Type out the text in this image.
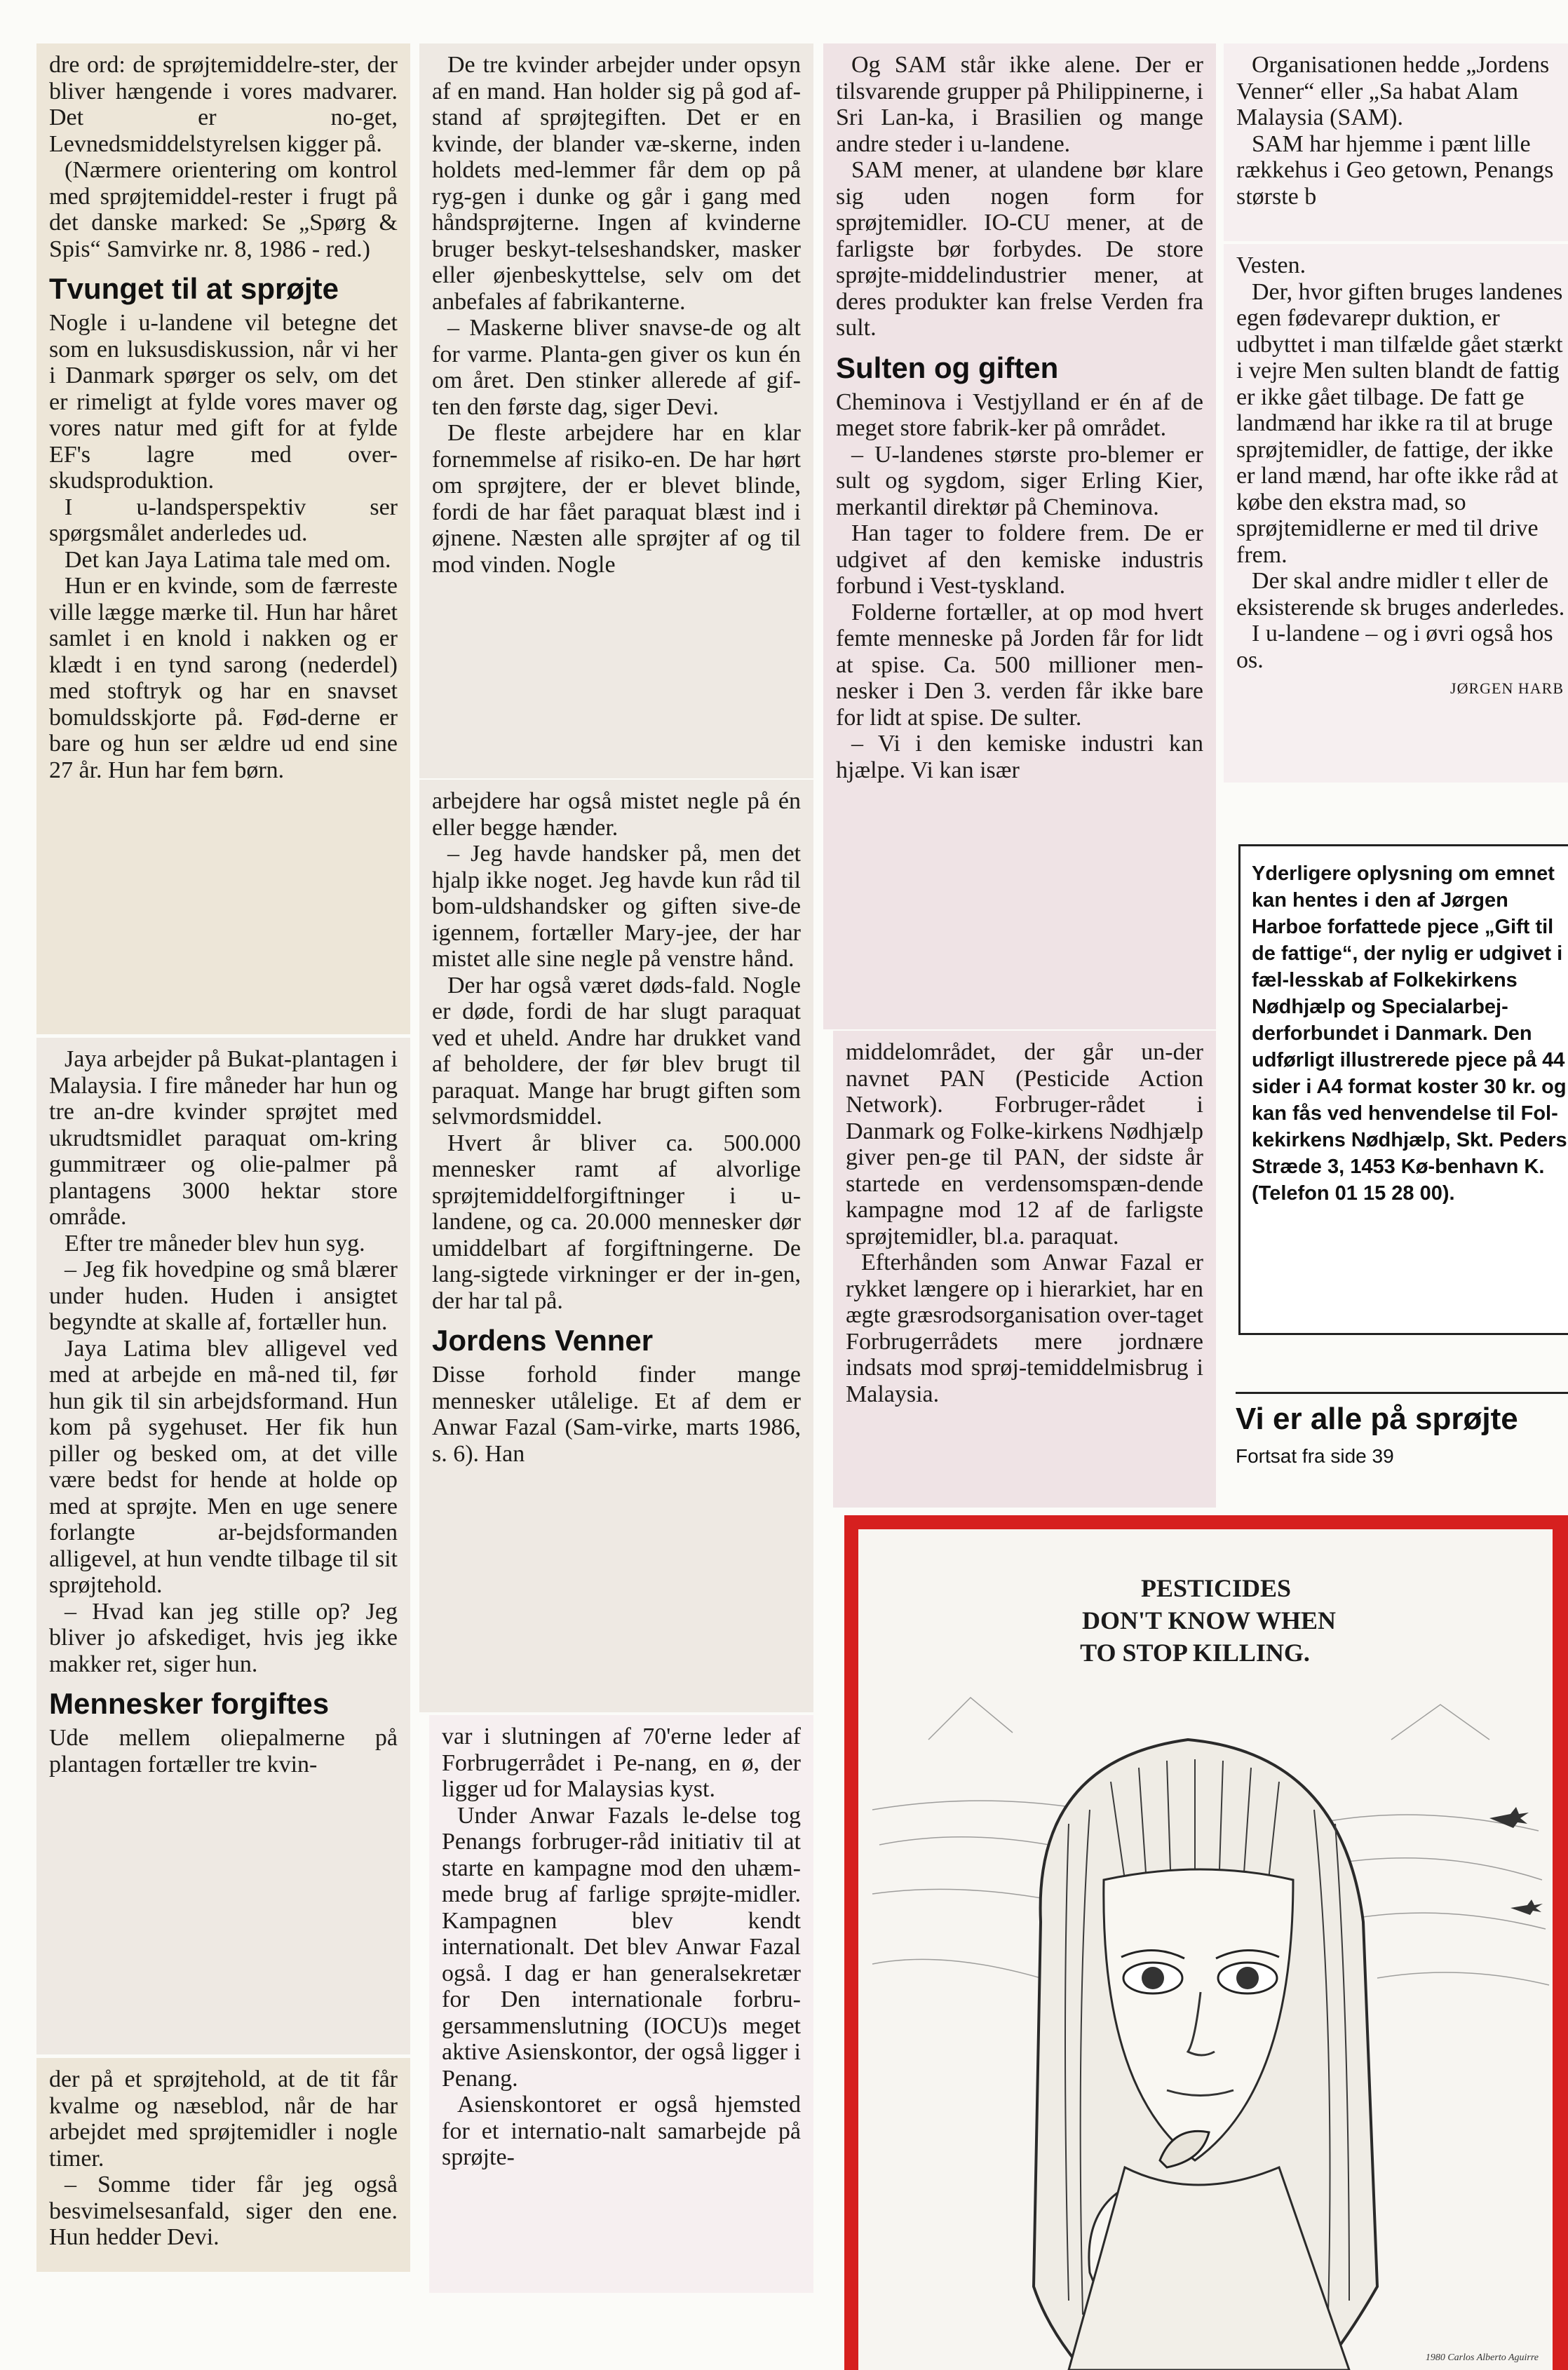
dre ord: de sprøjtemiddelre-ster, der bliver hængende i vores madvarer. Det er no-get, Levnedsmiddelstyrelsen kigger på.

(Nærmere orientering om kontrol med sprøjtemiddel-rester i frugt på det danske marked: Se „Spørg & Spis“ Samvirke nr. 8, 1986 - red.)

Tvunget til at sprøjte

Nogle i u-landene vil betegne det som en luksusdiskussion, når vi her i Danmark spørger os selv, om det er rimeligt at fylde vores maver og vores natur med gift for at fylde EF's lagre med over-skudsproduktion.

I u-landsperspektiv ser spørgsmålet anderledes ud.

Det kan Jaya Latima tale med om.

Hun er en kvinde, som de færreste ville lægge mærke til. Hun har håret samlet i en knold i nakken og er klædt i en tynd sarong (nederdel) med stoftryk og har en snavset bomuldsskjorte på. Fød-derne er bare og hun ser ældre ud end sine 27 år. Hun har fem børn.

Jaya arbejder på Bukat-plantagen i Malaysia. I fire måneder har hun og tre an-dre kvinder sprøjtet med ukrudtsmidlet paraquat om-kring gummitræer og olie-palmer på plantagens 3000 hektar store område.

Efter tre måneder blev hun syg.

– Jeg fik hovedpine og små blærer under huden. Huden i ansigtet begyndte at skalle af, fortæller hun.

Jaya Latima blev alligevel ved med at arbejde en må-ned til, før hun gik til sin arbejdsformand. Hun kom på sygehuset. Her fik hun piller og besked om, at det ville være bedst for hende at holde op med at sprøjte. Men en uge senere forlangte ar-bejdsformanden alligevel, at hun vendte tilbage til sit sprøjtehold.

– Hvad kan jeg stille op? Jeg bliver jo afskediget, hvis jeg ikke makker ret, siger hun.

Mennesker forgiftes

Ude mellem oliepalmerne på plantagen fortæller tre kvin-

der på et sprøjtehold, at de tit får kvalme og næseblod, når de har arbejdet med sprøjtemidler i nogle timer.

– Somme tider får jeg også besvimelsesanfald, siger den ene. Hun hedder Devi.

De tre kvinder arbejder under opsyn af en mand. Han holder sig på god af-stand af sprøjtegiften. Det er en kvinde, der blander væ-skerne, inden holdets med-lemmer får dem op på ryg-gen i dunke og går i gang med håndsprøjterne. Ingen af kvinderne bruger beskyt-telseshandsker, masker eller øjenbeskyttelse, selv om det anbefales af fabrikanterne.

– Maskerne bliver snavse-de og alt for varme. Planta-gen giver os kun én om året. Den stinker allerede af gif-ten den første dag, siger Devi.

De fleste arbejdere har en klar fornemmelse af risiko-en. De har hørt om sprøjtere, der er blevet blinde, fordi de har fået paraquat blæst ind i øjnene. Næsten alle sprøjter af og til mod vinden. Nogle

arbejdere har også mistet negle på én eller begge hænder.

– Jeg havde handsker på, men det hjalp ikke noget. Jeg havde kun råd til bom-uldshandsker og giften sive-de igennem, fortæller Mary-jee, der har mistet alle sine negle på venstre hånd.

Der har også været døds-fald. Nogle er døde, fordi de har slugt paraquat ved et uheld. Andre har drukket vand af beholdere, der før blev brugt til paraquat. Mange har brugt giften som selvmordsmiddel.

Hvert år bliver ca. 500.000 mennesker ramt af alvorlige sprøjtemiddelforgiftninger i u-landene, og ca. 20.000 mennesker dør umiddelbart af forgiftningerne. De lang-sigtede virkninger er der in-gen, der har tal på.

Jordens Venner

Disse forhold finder mange mennesker utålelige. Et af dem er Anwar Fazal (Sam-virke, marts 1986, s. 6). Han

var i slutningen af 70'erne leder af Forbrugerrådet i Pe-nang, en ø, der ligger ud for Malaysias kyst.

Under Anwar Fazals le-delse tog Penangs forbruger-råd initiativ til at starte en kampagne mod den uhæm-mede brug af farlige sprøjte-midler. Kampagnen blev kendt internationalt. Det blev Anwar Fazal også. I dag er han generalsekretær for Den internationale forbru-gersammenslutning (IOCU)s meget aktive Asienskontor, der også ligger i Penang.

Asienskontoret er også hjemsted for et internatio-nalt samarbejde på sprøjte-

Og SAM står ikke alene. Der er tilsvarende grupper på Philippinerne, i Sri Lan-ka, i Brasilien og mange andre steder i u-landene.

SAM mener, at ulandene bør klare sig uden nogen form for sprøjtemidler. IO-CU mener, at de farligste bør forbydes. De store sprøjte-middelindustrier mener, at deres produkter kan frelse Verden fra sult.

Sulten og giften

Cheminova i Vestjylland er én af de meget store fabrik-ker på området.

– U-landenes største pro-blemer er sult og sygdom, siger Erling Kier, merkantil direktør på Cheminova.

Han tager to foldere frem. De er udgivet af den kemiske industris forbund i Vest-tyskland.

Folderne fortæller, at op mod hvert femte menneske på Jorden får for lidt at spise. Ca. 500 millioner men-nesker i Den 3. verden får ikke bare for lidt at spise. De sulter.

– Vi i den kemiske industri kan hjælpe. Vi kan især

middelområdet, der går un-der navnet PAN (Pesticide Action Network). Forbruger-rådet i Danmark og Folke-kirkens Nødhjælp giver pen-ge til PAN, der sidste år startede en verdensomspæn-dende kampagne mod 12 af de farligste sprøjtemidler, bl.a. paraquat.

Efterhånden som Anwar Fazal er rykket længere op i hierarkiet, har en ægte græsrodsorganisation over-taget Forbrugerrådets mere jordnære indsats mod sprøj-temiddelmisbrug i Malaysia.

Organisationen hedde „Jordens Venner“ eller „Sa habat Alam Malaysia (SAM).

SAM har hjemme i pænt lille rækkehus i Geo getown, Penangs største b

Vesten.

Der, hvor giften bruges landenes egen fødevarepr duktion, er udbyttet i man tilfælde gået stærkt i vejre Men sulten blandt de fattig er ikke gået tilbage. De fatt ge landmænd har ikke ra til at bruge sprøjtemidler, de fattige, der ikke er land mænd, har ofte ikke råd at købe den ekstra mad, so sprøjtemidlerne er med til drive frem.

Der skal andre midler t eller de eksisterende sk bruges anderledes.

I u-landene – og i øvri også hos os.

JØRGEN HARB

Yderligere oplysning om emnet kan hentes i den af Jørgen Harboe forfattede pjece „Gift til de fattige“, der nylig er udgivet i fæl-lesskab af Folkekirkens Nødhjælp og Specialarbej-derforbundet i Danmark. Den udførligt illustrerede pjece på 44 sider i A4 format koster 30 kr. og kan fås ved henvendelse til Fol-kekirkens Nødhjælp, Skt. Peders Stræde 3, 1453 Kø-benhavn K. (Telefon 01 15 28 00).
Vi er alle på sprøjte
Fortsat fra side 39
PESTICIDES
DON'T KNOW WHEN
TO STOP KILLING.
1980 Carlos Alberto Aguirre
